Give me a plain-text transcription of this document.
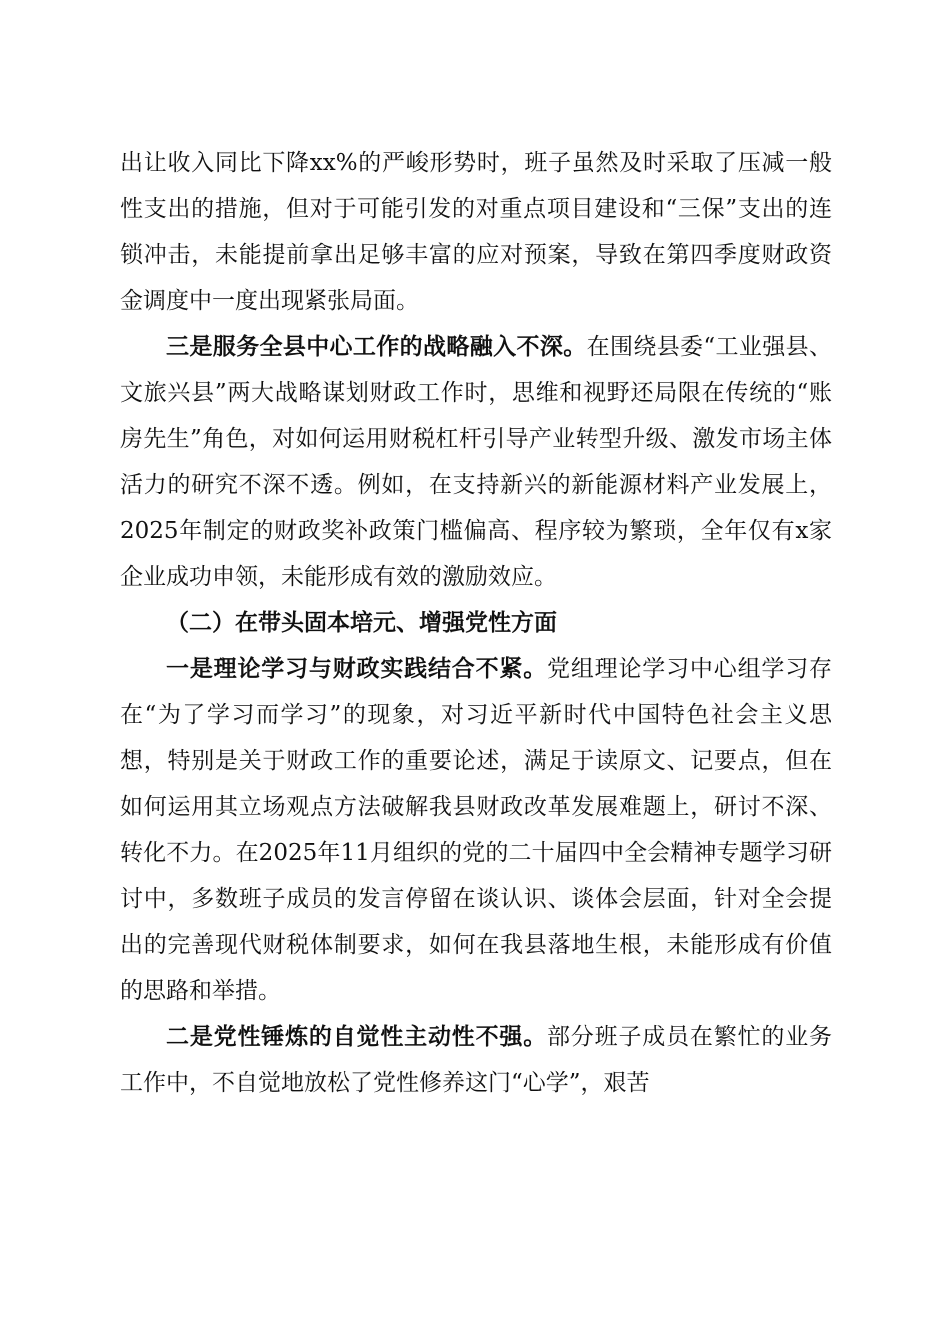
出让收入同比下降xx%的严峻形势时，班子虽然及时采取了压减一般性支出的措施，但对于可能引发的对重点项目建设和“三保”支出的连锁冲击，未能提前拿出足够丰富的应对预案，导致在第四季度财政资金调度中一度出现紧张局面。

三是服务全县中心工作的战略融入不深。在围绕县委“工业强县、文旅兴县”两大战略谋划财政工作时，思维和视野还局限在传统的“账房先生”角色，对如何运用财税杠杆引导产业转型升级、激发市场主体活力的研究不深不透。例如，在支持新兴的新能源材料产业发展上，2025年制定的财政奖补政策门槛偏高、程序较为繁琐，全年仅有x家企业成功申领，未能形成有效的激励效应。

（二）在带头固本培元、增强党性方面

一是理论学习与财政实践结合不紧。党组理论学习中心组学习存在“为了学习而学习”的现象，对习近平新时代中国特色社会主义思想，特别是关于财政工作的重要论述，满足于读原文、记要点，但在如何运用其立场观点方法破解我县财政改革发展难题上，研讨不深、转化不力。在2025年11月组织的党的二十届四中全会精神专题学习研讨中，多数班子成员的发言停留在谈认识、谈体会层面，针对全会提出的完善现代财税体制要求，如何在我县落地生根，未能形成有价值的思路和举措。

二是党性锤炼的自觉性主动性不强。部分班子成员在繁忙的业务工作中，不自觉地放松了党性修养这门“心学”，艰苦
